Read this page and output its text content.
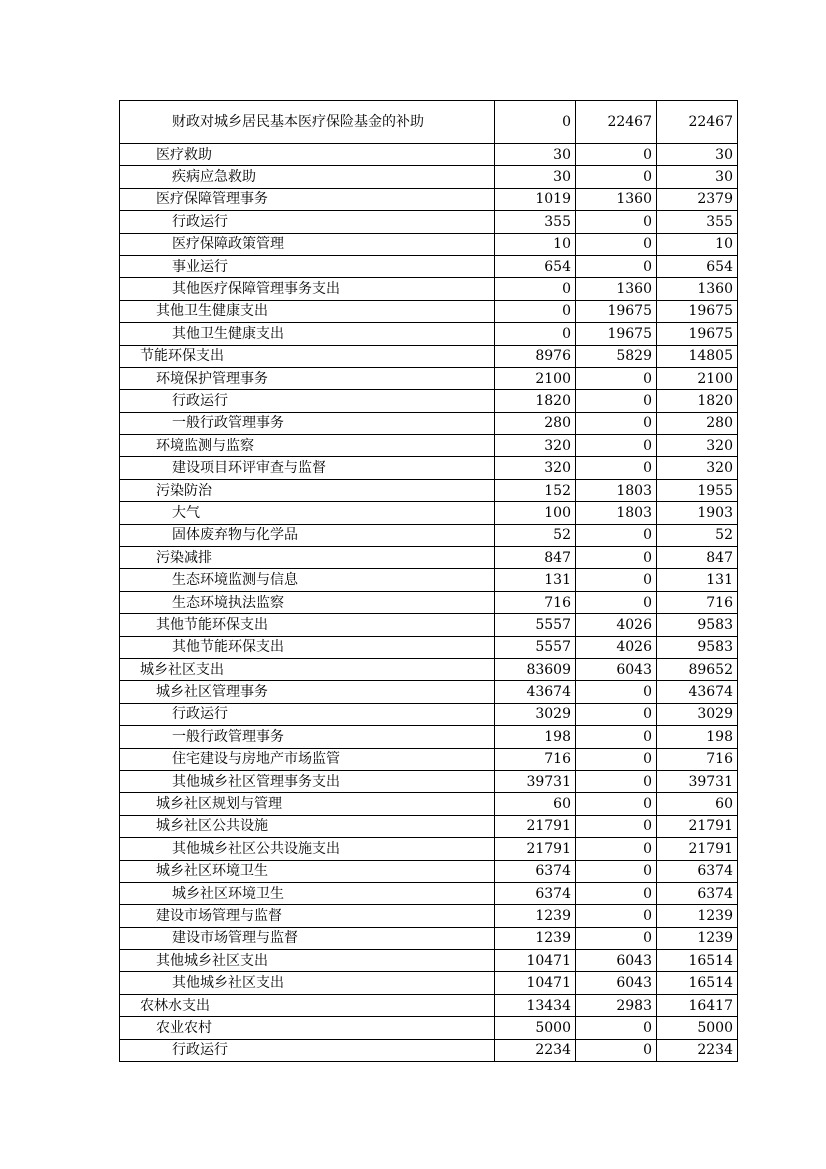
财政对城乡居民基本医疗保险基金的补助	0	22467	22467
医疗救助	30	0	30
疾病应急救助	30	0	30
医疗保障管理事务	1019	1360	2379
行政运行	355	0	355
医疗保障政策管理	10	0	10
事业运行	654	0	654
其他医疗保障管理事务支出	0	1360	1360
其他卫生健康支出	0	19675	19675
其他卫生健康支出	0	19675	19675
节能环保支出	8976	5829	14805
环境保护管理事务	2100	0	2100
行政运行	1820	0	1820
一般行政管理事务	280	0	280
环境监测与监察	320	0	320
建设项目环评审查与监督	320	0	320
污染防治	152	1803	1955
大气	100	1803	1903
固体废弃物与化学品	52	0	52
污染减排	847	0	847
生态环境监测与信息	131	0	131
生态环境执法监察	716	0	716
其他节能环保支出	5557	4026	9583
其他节能环保支出	5557	4026	9583
城乡社区支出	83609	6043	89652
城乡社区管理事务	43674	0	43674
行政运行	3029	0	3029
一般行政管理事务	198	0	198
住宅建设与房地产市场监管	716	0	716
其他城乡社区管理事务支出	39731	0	39731
城乡社区规划与管理	60	0	60
城乡社区公共设施	21791	0	21791
其他城乡社区公共设施支出	21791	0	21791
城乡社区环境卫生	6374	0	6374
城乡社区环境卫生	6374	0	6374
建设市场管理与监督	1239	0	1239
建设市场管理与监督	1239	0	1239
其他城乡社区支出	10471	6043	16514
其他城乡社区支出	10471	6043	16514
农林水支出	13434	2983	16417
农业农村	5000	0	5000
行政运行	2234	0	2234
